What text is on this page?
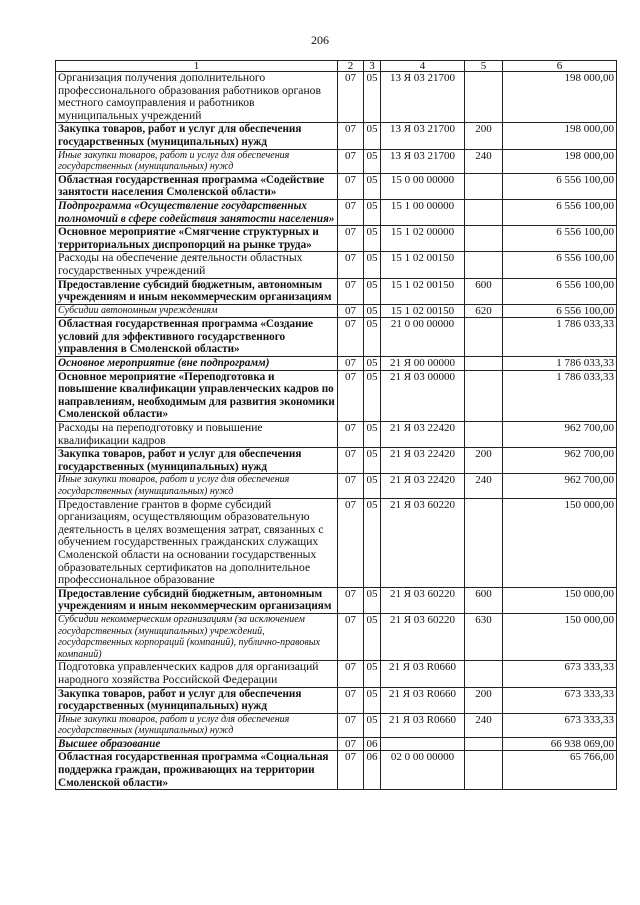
206
1	2	3	4	5	6
Организация получения дополнительного профессионального образования работников органов местного самоуправления и работников муниципальных учреждений	07	05	13 Я 03 21700		198 000,00
Закупка товаров, работ и услуг для обеспечения государственных (муниципальных) нужд	07	05	13 Я 03 21700	200	198 000,00
Иные закупки товаров, работ и услуг для обеспечения государственных (муниципальных) нужд	07	05	13 Я 03 21700	240	198 000,00
Областная государственная программа «Содействие занятости населения Смоленской области»	07	05	15 0 00 00000		6 556 100,00
Подпрограмма «Осуществление государственных полномочий в сфере содействия занятости населения»	07	05	15 1 00 00000		6 556 100,00
Основное мероприятие «Смягчение структурных и территориальных диспропорций на рынке труда»	07	05	15 1 02 00000		6 556 100,00
Расходы на обеспечение деятельности областных государственных учреждений	07	05	15 1 02 00150		6 556 100,00
Предоставление субсидий бюджетным, автономным учреждениям и иным некоммерческим организациям	07	05	15 1 02 00150	600	6 556 100,00
Субсидии автономным учреждениям	07	05	15 1 02 00150	620	6 556 100,00
Областная государственная программа «Создание условий для эффективного государственного управления в Смоленской области»	07	05	21 0 00 00000		1 786 033,33
Основное мероприятие (вне подпрограмм)	07	05	21 Я 00 00000		1 786 033,33
Основное мероприятие «Переподготовка и повышение квалификации управленческих кадров по направлениям, необходимым для развития экономики Смоленской области»	07	05	21 Я 03 00000		1 786 033,33
Расходы на переподготовку и повышение квалификации кадров	07	05	21 Я 03 22420		962 700,00
Закупка товаров, работ и услуг для обеспечения государственных (муниципальных) нужд	07	05	21 Я 03 22420	200	962 700,00
Иные закупки товаров, работ и услуг для обеспечения государственных (муниципальных) нужд	07	05	21 Я 03 22420	240	962 700,00
Предоставление грантов в форме субсидий организациям, осуществляющим образовательную деятельность в целях возмещения затрат, связанных с обучением государственных гражданских служащих Смоленской области на основании государственных образовательных сертификатов на дополнительное профессиональное образование	07	05	21 Я 03 60220		150 000,00
Предоставление субсидий бюджетным, автономным учреждениям и иным некоммерческим организациям	07	05	21 Я 03 60220	600	150 000,00
Субсидии некоммерческим организациям (за исключением государственных (муниципальных) учреждений, государственных корпораций (компаний), публично-правовых компаний)	07	05	21 Я 03 60220	630	150 000,00
Подготовка управленческих кадров для организаций народного хозяйства Российской Федерации	07	05	21 Я 03 R0660		673 333,33
Закупка товаров, работ и услуг для обеспечения государственных (муниципальных) нужд	07	05	21 Я 03 R0660	200	673 333,33
Иные закупки товаров, работ и услуг для обеспечения государственных (муниципальных) нужд	07	05	21 Я 03 R0660	240	673 333,33
Высшее образование	07	06			66 938 069,00
Областная государственная программа «Социальная поддержка граждан, проживающих на территории Смоленской области»	07	06	02 0 00 00000		65 766,00
